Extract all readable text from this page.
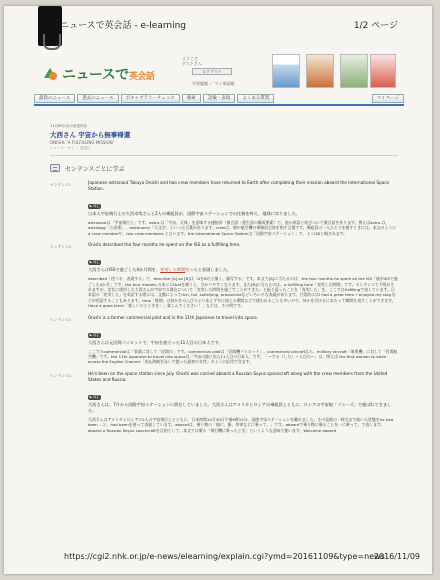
ニュースで英会話 - e-learning	1/2 ページ
ニュースで英会話
ようこそ
ゲストさん
ログアウト
学習履歴 ／ マイ単語帳
最新のニュース	過去のニュース	ボキャブラリーチェック	検索	語彙・表現	よくある質問	マイページ
11月09日水の放送内容
大西さん 宇宙から無事帰還
ONISHI: 'A FULFILLING MISSION'
ニュース・ゼミ ／ 放送日
センテンスごとに学ぶ
センテンス1	Japanese astronaut Takuya Onishi and two crew members have returned to Earth after completing their mission aboard the International Space Station.
▶ 再生
日本人宇宙飛行士の大西卓哉さんと2人の乗組員が、国際宇宙ステーションでの任務を終え、地球に戻りました。
astronautは「宇宙飛行士」です。astro-は「宇宙、天体」を意味する連結形（複合語・派生語の構成要素）で、他の単語と結びついて複合語を作ります。例えばastro-は、astrology「占星術」、astronomy「天文学」といった言葉があります。crewは、船や航空機の乗務員全体を指す言葉です。乗組員の一人ひとりを指すときには、本文のようにa crew memberや、two crew members と言います。the International Space Stationは「国際宇宙ステーション」で、よくISSと略されます。
センテンス2	Onishi described the four months he spent on the ISS as a fulfilling time.
▶ 再生
大西さんはISSで過ごした4か月間を、充実した時間だったと表現しました。
described「述べる」表現する」で、describe [A] as [B]は「AをBだと描く、描写する」です。本文で[A]に当たるのは、the four months he spent on the ISS「彼がISSで過ごした4か月」です。the four months のあとにthatを補うと、分かりやすくなります。また[B]に当たるのは、a fulfilling time「充実した時間」です。センテンスで不明がされますが、対比に使用した大西さんが宇宙での滞在について「充実した時間を過ごすことができた」と振り返ったことを「充実した」を、ここではfulfillingで表しています。日本語の「充実した」を英訳する際には、文脈によってrich, full, satisfying, productiveなどいろいろな表現があります。日常的にはI had a great time. I enjoyed my stay.などが用語することもあります。time「時間」は何かをのんびりとりあえず多に使える期間などで使われることも多いので、何かを付けるにあたって期間を表すことができます。Have a good time!「楽しいひとときを！」楽しんでください！」などは、その例です。
センテンス3	Onishi is a former commercial pilot and is the 11th Japanese to travel into space.
▶ 再生
大西さんは元民間パイロットで、宇宙を旅立った11人目の日本人です。
ここでのcommercialは「事業に対して「民間の」です。commercial pilotは「民間機パイロット」。commercial aircraftなら、military aircraft「軍用機」に対して「民間航空機」です。the 11th Japanese to travel into spaceは「宇宙の旅に出た11人目の日本人」です。「〜する（した）〜人目の〜」は、例えば the first woman to swim across the English Channel「英仏海峡を泳いで渡った最初の女性」のように応用できます。
センテンス4	He's been on the space station since July. Onishi was carried aboard a Russian Soyuz spacecraft along with the crew members from the United States and Russia.
▶ 再生
大西さんは、7月から国際宇宙ステーションに滞在していました。大西さんはアメリカとロシアの乗組員とともに、ロシアの宇宙船「ソユーズ」で運ばれてきました。
大西さんはアメリカとロシアの2人の宇宙飛行士とともに、日本時間10月30日午後9時15分、国際宇宙ステーションを離れました。その直後の一時点まで続いた状態をhe had been ...と、had beenを使って表現しています。aboardは、乗り物の「船に、船、列車などに乗って、」です。aboardで乗り物に乗ることを一に乗って」で表します。aboard a Russian Soyuz spacecraftを目的として、本文では乗る「飛行機に乗ったとき」というような意味で使います。Welcome aboard
https://cgi2.nhk.or.jp/e-news/elearning/explain.cgi?ymd=20161109&type=news
2016/11/09
